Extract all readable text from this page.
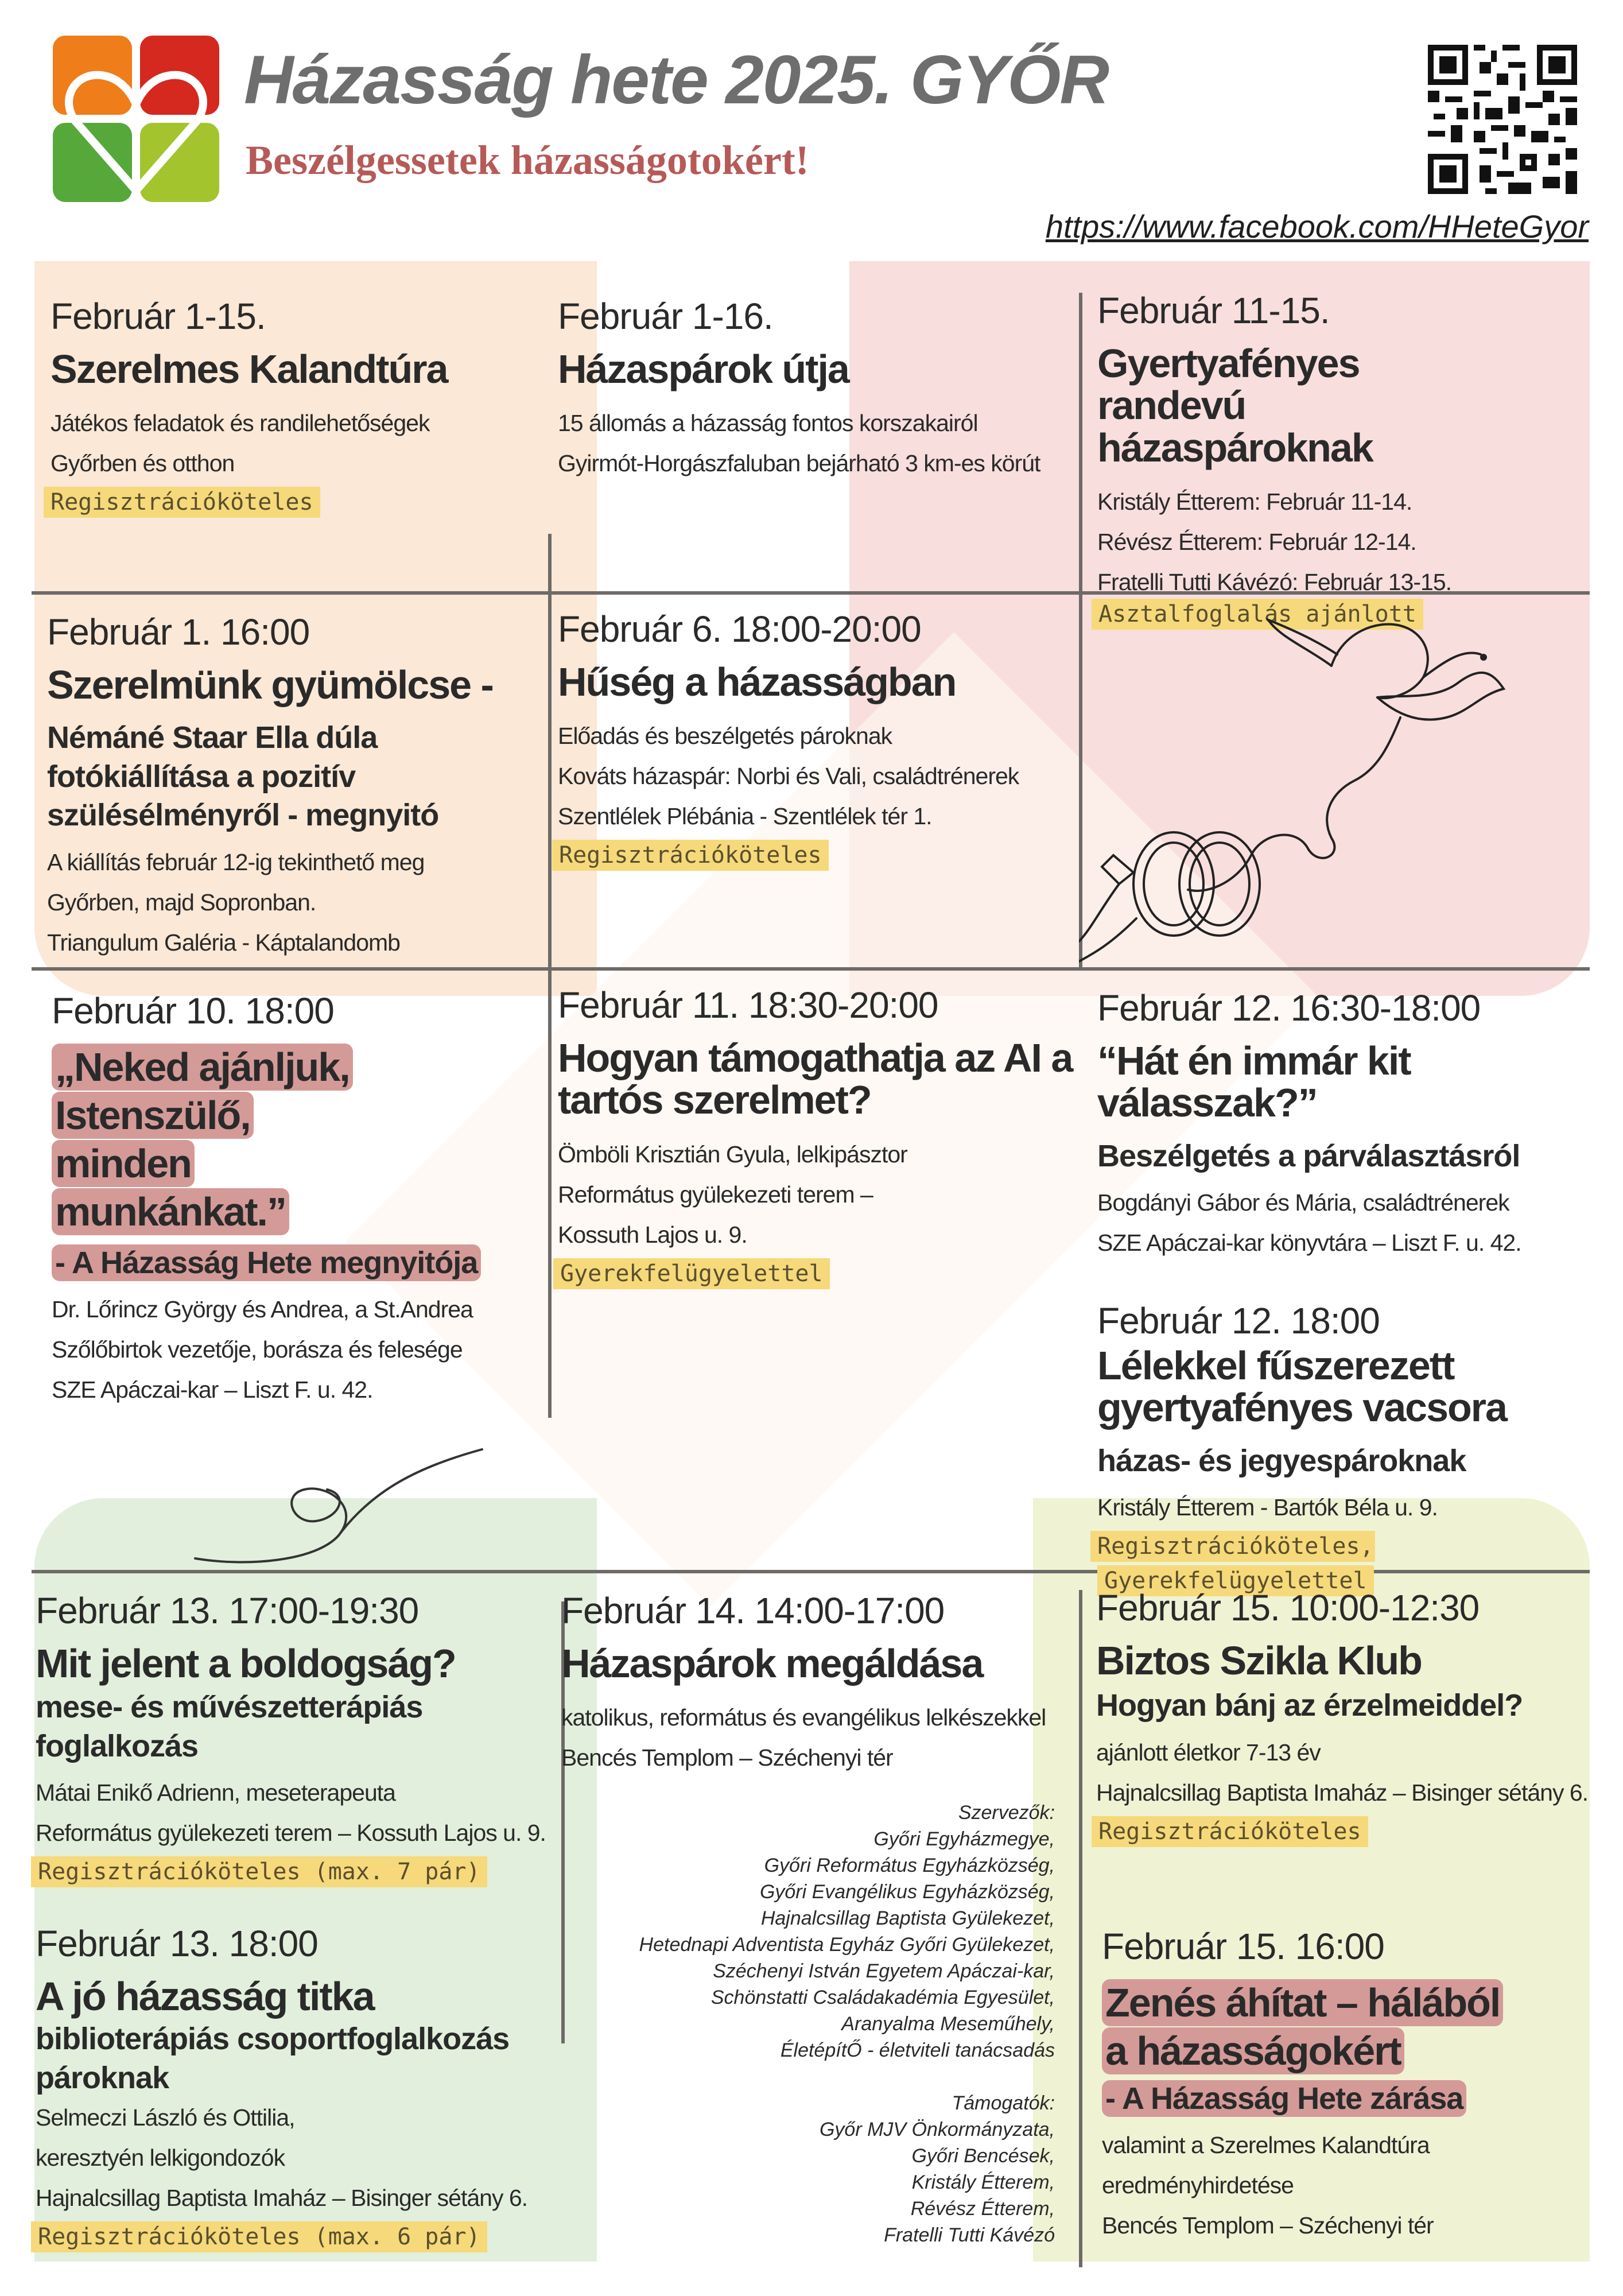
Házasság hete 2025. GYŐR
Beszélgessetek házasságotokért!
https://www.facebook.com/HHeteGyor
Február 1-15.
Szerelmes Kalandtúra
Játékos feladatok és randilehetőségek
Győrben és otthon
Regisztrációköteles
Február 1-16.
Házaspárok útja
15 állomás a házasság fontos korszakairól
Gyirmót-Horgászfaluban bejárható 3 km-es körút
Február 11-15.
Gyertyafényes randevú házaspároknak
Kristály Étterem: Február 11-14.
Révész Étterem: Február 12-14.
Fratelli Tutti Kávézó: Február 13-15.
Asztalfoglalás ajánlott
Február 1. 16:00
Szerelmünk gyümölcse -
Némáné Staar Ella dúla fotókiállítása a pozitív szülésélményről - megnyitó
A kiállítás február 12-ig tekinthető meg
Győrben, majd Sopronban.
Triangulum Galéria - Káptalandomb
Február 6. 18:00-20:00
Hűség a házasságban
Előadás és beszélgetés pároknak
Kováts házaspár: Norbi és Vali, családtrénerek
Szentlélek Plébánia - Szentlélek tér 1.
Regisztrációköteles
Február 10. 18:00
„Neked ajánljuk, Istenszülő, minden munkánkat.”
- A Házasság Hete megnyitója
Dr. Lőrincz György és Andrea, a St.Andrea
Szőlőbirtok vezetője, borásza és felesége
SZE Apáczai-kar – Liszt F. u. 42.
Február 11. 18:30-20:00
Hogyan támogathatja az AI a tartós szerelmet?
Ömböli Krisztián Gyula, lelkipásztor
Református gyülekezeti terem –
Kossuth Lajos u. 9.
Gyerekfelügyelettel
Február 12. 16:30-18:00
“Hát én immár kit válasszak?”
Beszélgetés a párválasztásról
Bogdányi Gábor és Mária, családtrénerek
SZE Apáczai-kar könyvtára – Liszt F. u. 42.
Február 12. 18:00
Lélekkel fűszerezett gyertyafényes vacsora
házas- és jegyespároknak
Kristály Étterem - Bartók Béla u. 9.
Regisztrációköteles,Gyerekfelügyelettel
Február 13. 17:00-19:30
Mit jelent a boldogság?
mese- és művészetterápiás foglalkozás
Mátai Enikő Adrienn, meseterapeuta
Református gyülekezeti terem – Kossuth Lajos u. 9.
Regisztrációköteles (max. 7 pár)
Február 13. 18:00
A jó házasság titka
biblioterápiás csoportfoglalkozás pároknak
Selmeczi László és Ottilia,
keresztyén lelkigondozók
Hajnalcsillag Baptista Imaház – Bisinger sétány 6.
Regisztrációköteles (max. 6 pár)
Február 14. 14:00-17:00
Házaspárok megáldása
katolikus, református és evangélikus lelkészekkel
Bencés Templom – Széchenyi tér
Szervezők:
Győri Egyházmegye,
Győri Református Egyházközség,
Győri Evangélikus Egyházközség,
Hajnalcsillag Baptista Gyülekezet,
Hetednapi Adventista Egyház Győri Gyülekezet,
Széchenyi István Egyetem Apáczai-kar,
Schönstatti Családakadémia Egyesület,
Aranyalma Meseműhely,
ÉletépítŐ - életviteli tanácsadás
Támogatók:
Győr MJV Önkormányzata,
Győri Bencések,
Kristály Étterem,
Révész Étterem,
Fratelli Tutti Kávézó
Február 15. 10:00-12:30
Biztos Szikla Klub
Hogyan bánj az érzelmeiddel?
ajánlott életkor 7-13 év
Hajnalcsillag Baptista Imaház – Bisinger sétány 6.
Regisztrációköteles
Február 15. 16:00
Zenés áhítat – hálából a házasságokért
- A Házasság Hete zárása
valamint a Szerelmes Kalandtúra
eredményhirdetése
Bencés Templom – Széchenyi tér
